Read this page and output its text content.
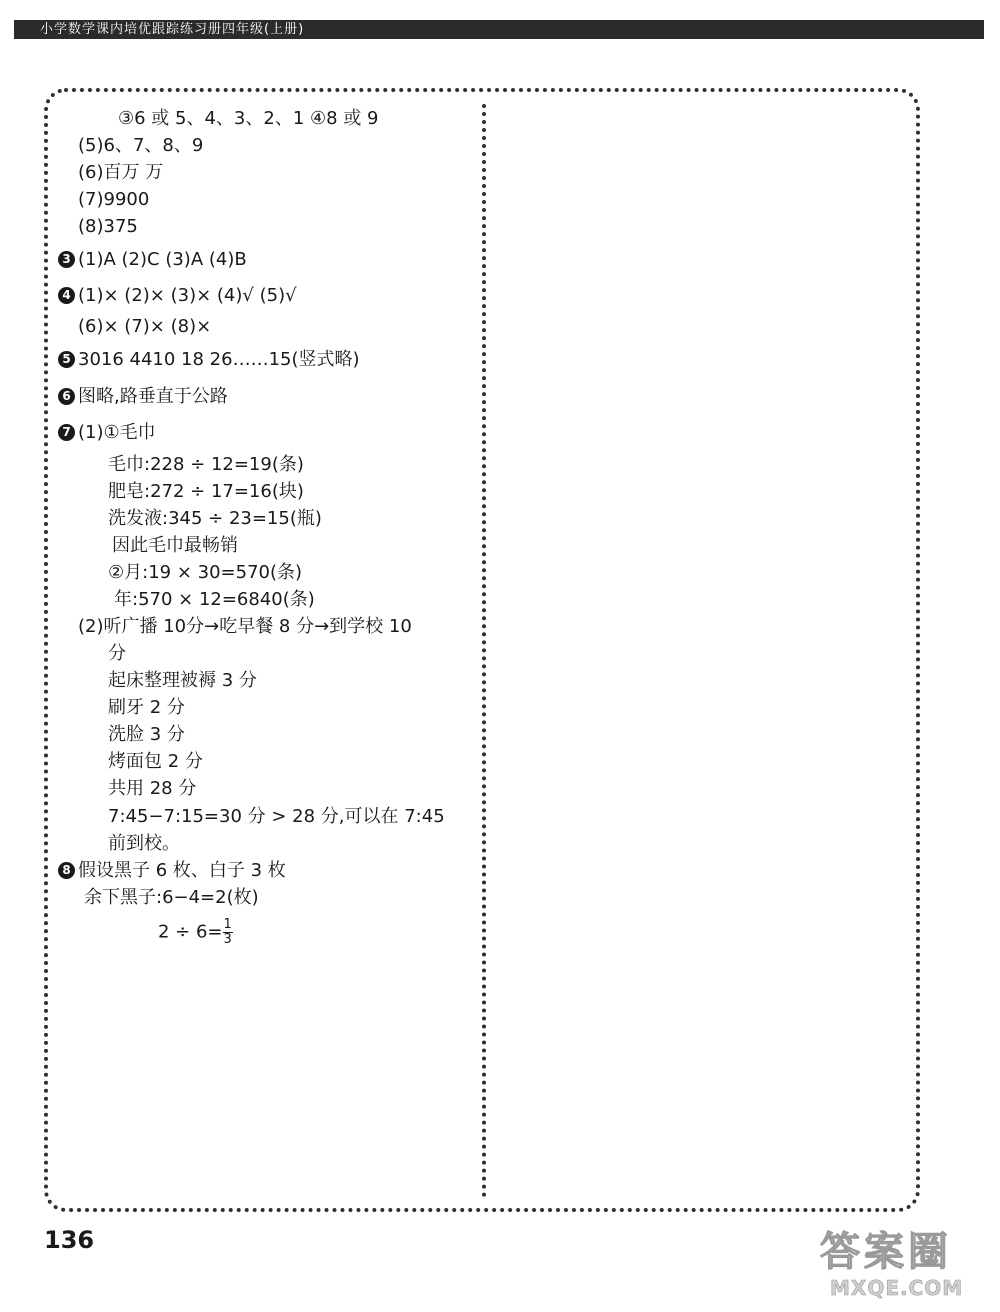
小学数学课内培优跟踪练习册四年级(上册)
③6 或 5、4、3、2、1 ④8 或 9
(5)6、7、8、9
(6)百万 万
(7)9900
(8)375
3 (1)A (2)C (3)A (4)B
4 (1)× (2)× (3)× (4)√ (5)√
(6)× (7)× (8)×
5 3016 4410 18 26……15(竖式略)
6 图略,路垂直于公路
7 (1)①毛巾
毛巾:228 ÷ 12=19(条)
肥皂:272 ÷ 17=16(块)
洗发液:345 ÷ 23=15(瓶)
因此毛巾最畅销
②月:19 × 30=570(条)
年:570 × 12=6840(条)
(2)听广播 10分→吃早餐 8 分→到学校 10
分
起床整理被褥 3 分
刷牙 2 分
洗脸 3 分
烤面包 2 分
共用 28 分
7:45−7:15=30 分 > 28 分,可以在 7:45
前到校。
8 假设黑子 6 枚、白子 3 枚
余下黑子:6−4=2(枚)
$2 \div 6= \frac{1}{3}$
136	答案圈
MXQE.COM
